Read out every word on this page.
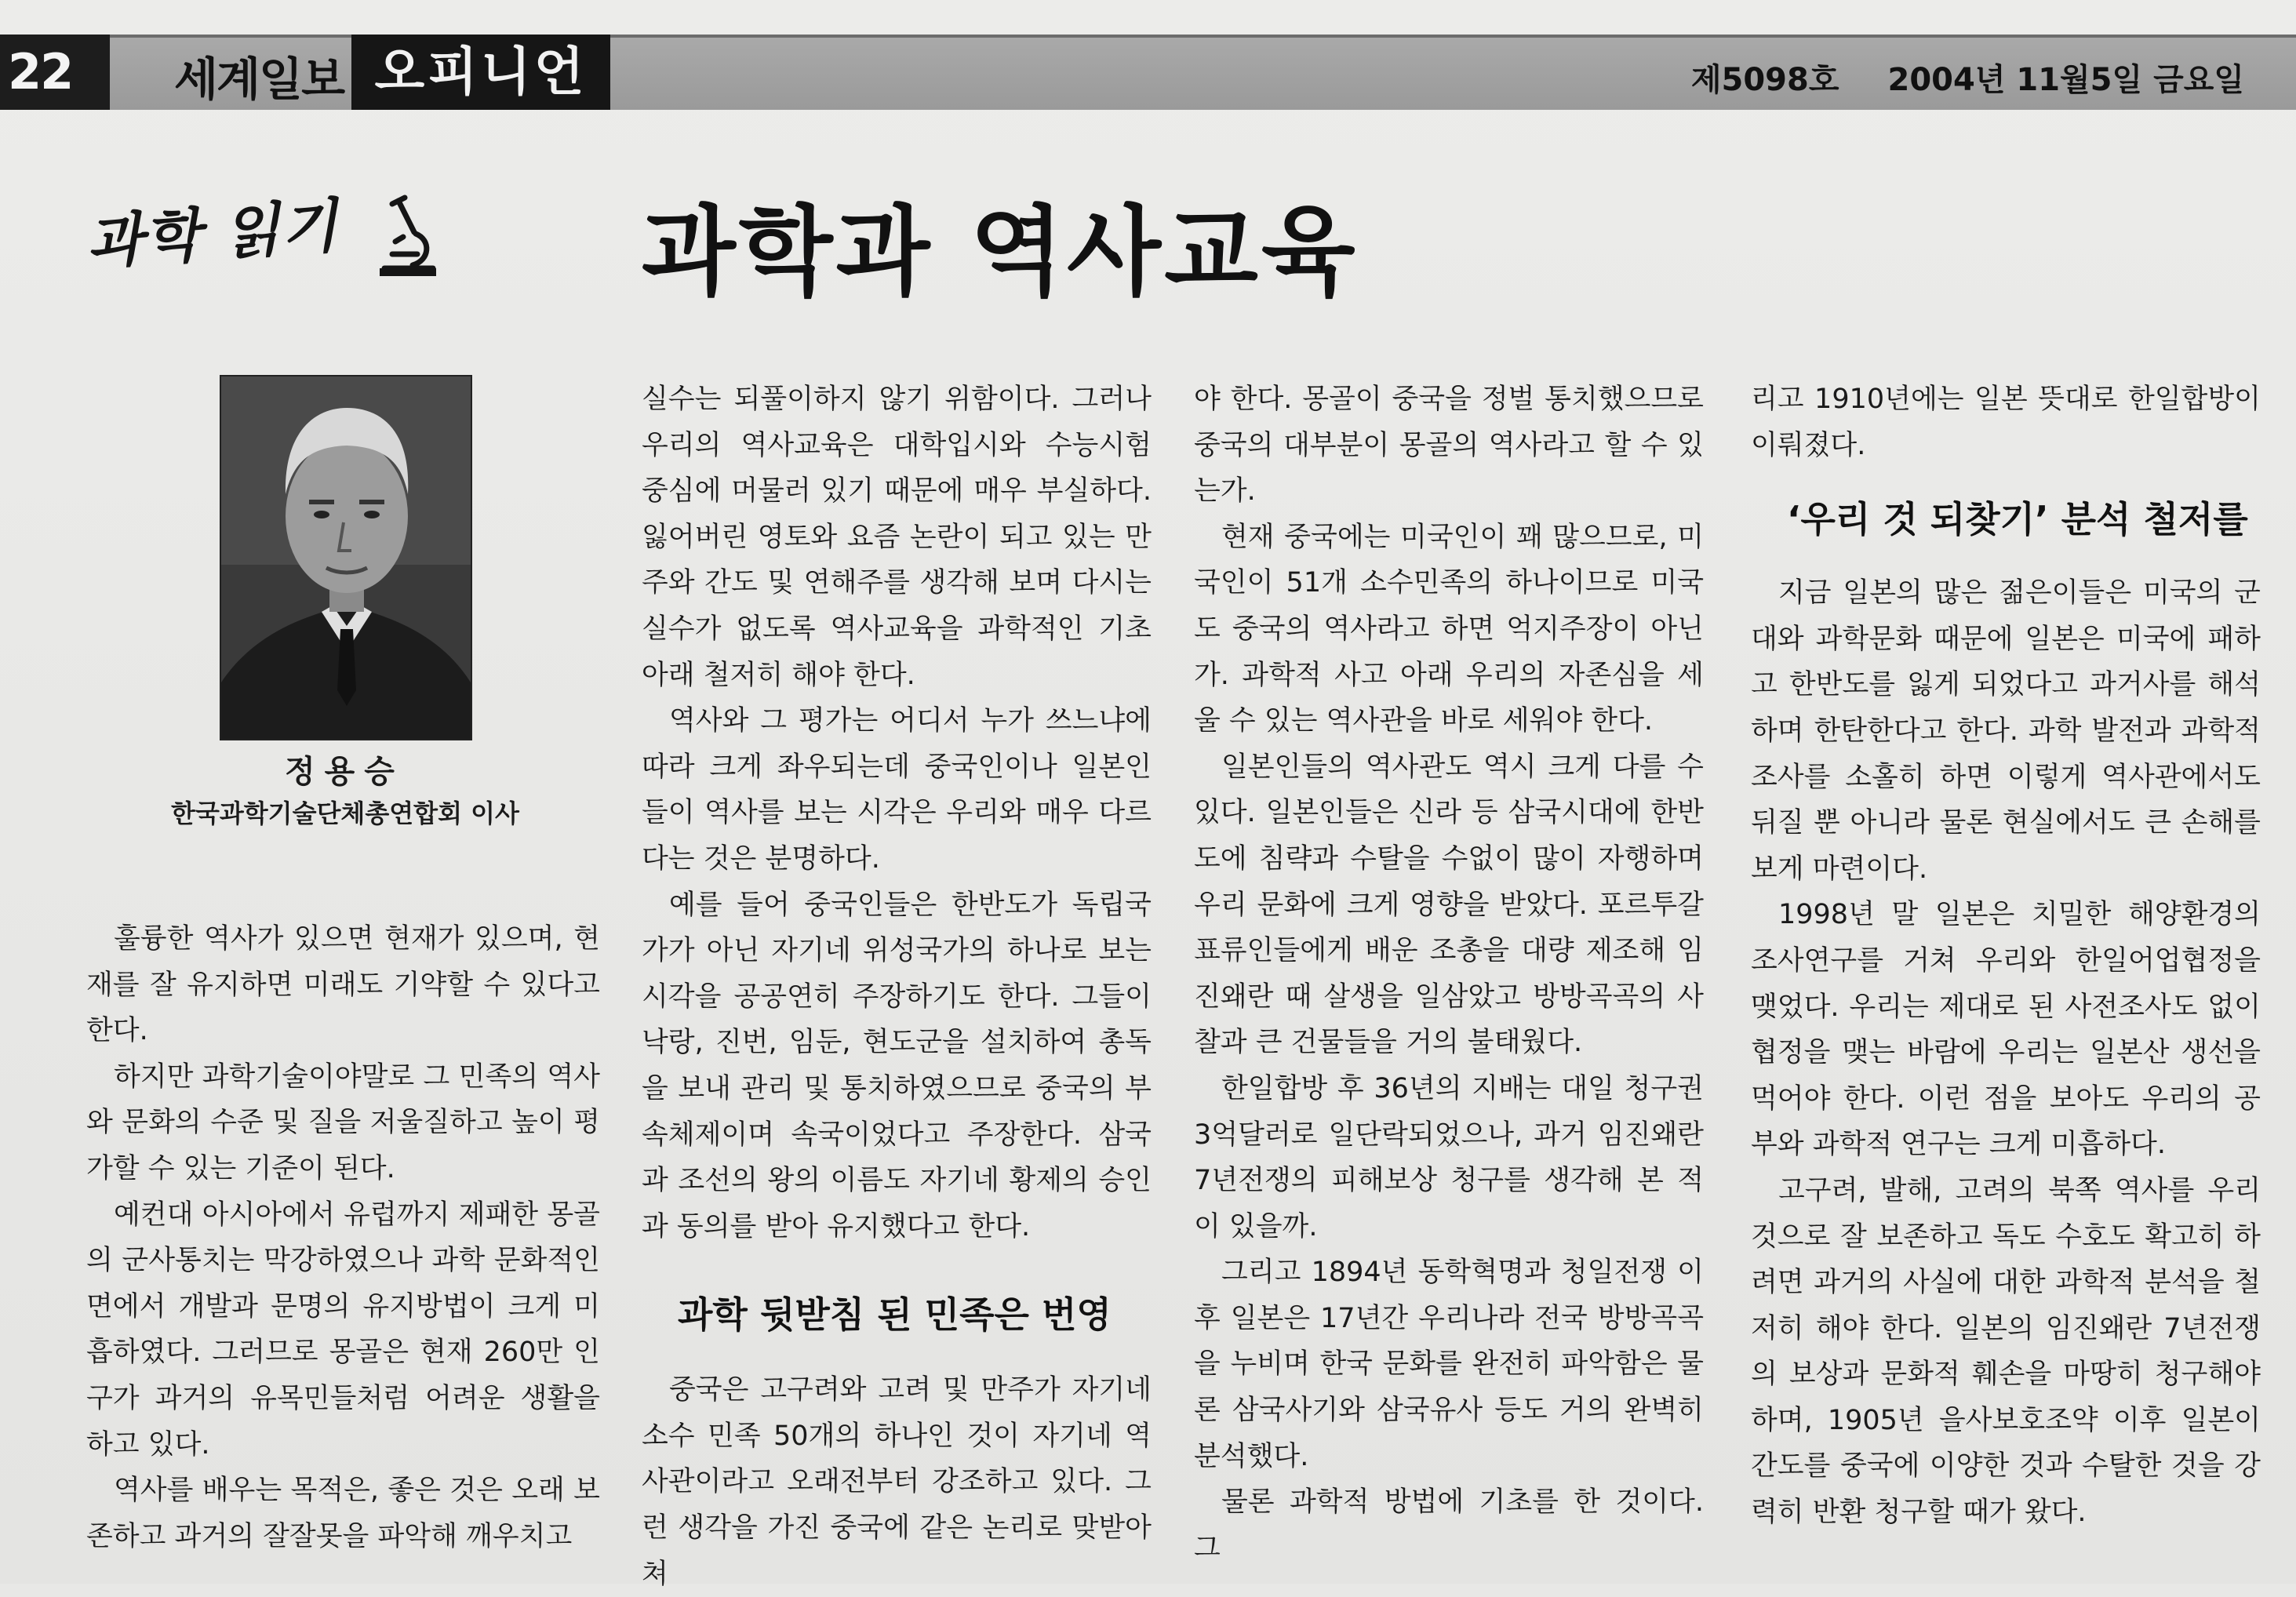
22	세계일보 오피니언	제5098호 2004년 11월5일 금요일
과학 읽기	과학과 역사교육
정용승
한국과학기술단체총연합회 이사

훌륭한 역사가 있으면 현재가 있으며, 현재를 잘 유지하면 미래도 기약할 수 있다고 한다.

하지만 과학기술이야말로 그 민족의 역사와 문화의 수준 및 질을 저울질하고 높이 평가할 수 있는 기준이 된다.

예컨대 아시아에서 유럽까지 제패한 몽골의 군사통치는 막강하였으나 과학 문화적인 면에서 개발과 문명의 유지방법이 크게 미흡하였다. 그러므로 몽골은 현재 260만 인구가 과거의 유목민들처럼 어려운 생활을 하고 있다.

역사를 배우는 목적은, 좋은 것은 오래 보존하고 과거의 잘잘못을 파악해 깨우치고

실수는 되풀이하지 않기 위함이다. 그러나 우리의 역사교육은 대학입시와 수능시험 중심에 머물러 있기 때문에 매우 부실하다. 잃어버린 영토와 요즘 논란이 되고 있는 만주와 간도 및 연해주를 생각해 보며 다시는 실수가 없도록 역사교육을 과학적인 기초 아래 철저히 해야 한다.

역사와 그 평가는 어디서 누가 쓰느냐에 따라 크게 좌우되는데 중국인이나 일본인들이 역사를 보는 시각은 우리와 매우 다르다는 것은 분명하다.

예를 들어 중국인들은 한반도가 독립국가가 아닌 자기네 위성국가의 하나로 보는 시각을 공공연히 주장하기도 한다. 그들이 낙랑, 진번, 임둔, 현도군을 설치하여 총독을 보내 관리 및 통치하였으므로 중국의 부속체제이며 속국이었다고 주장한다. 삼국과 조선의 왕의 이름도 자기네 황제의 승인과 동의를 받아 유지했다고 한다.

과학 뒷받침 된 민족은 번영

중국은 고구려와 고려 및 만주가 자기네 소수 민족 50개의 하나인 것이 자기네 역사관이라고 오래전부터 강조하고 있다. 그런 생각을 가진 중국에 같은 논리로 맞받아쳐

야 한다. 몽골이 중국을 정벌 통치했으므로 중국의 대부분이 몽골의 역사라고 할 수 있는가.

현재 중국에는 미국인이 꽤 많으므로, 미국인이 51개 소수민족의 하나이므로 미국도 중국의 역사라고 하면 억지주장이 아닌가. 과학적 사고 아래 우리의 자존심을 세울 수 있는 역사관을 바로 세워야 한다.

일본인들의 역사관도 역시 크게 다를 수 있다. 일본인들은 신라 등 삼국시대에 한반도에 침략과 수탈을 수없이 많이 자행하며 우리 문화에 크게 영향을 받았다. 포르투갈 표류인들에게 배운 조총을 대량 제조해 임진왜란 때 살생을 일삼았고 방방곡곡의 사찰과 큰 건물들을 거의 불태웠다.

한일합방 후 36년의 지배는 대일 청구권 3억달러로 일단락되었으나, 과거 임진왜란 7년전쟁의 피해보상 청구를 생각해 본 적이 있을까.

그리고 1894년 동학혁명과 청일전쟁 이후 일본은 17년간 우리나라 전국 방방곡곡을 누비며 한국 문화를 완전히 파악함은 물론 삼국사기와 삼국유사 등도 거의 완벽히 분석했다.

물론 과학적 방법에 기초를 한 것이다. 그

리고 1910년에는 일본 뜻대로 한일합방이 이뤄졌다.

‘우리 것 되찾기’ 분석 철저를

지금 일본의 많은 젊은이들은 미국의 군대와 과학문화 때문에 일본은 미국에 패하고 한반도를 잃게 되었다고 과거사를 해석하며 한탄한다고 한다. 과학 발전과 과학적 조사를 소홀히 하면 이렇게 역사관에서도 뒤질 뿐 아니라 물론 현실에서도 큰 손해를 보게 마련이다.

1998년 말 일본은 치밀한 해양환경의 조사연구를 거쳐 우리와 한일어업협정을 맺었다. 우리는 제대로 된 사전조사도 없이 협정을 맺는 바람에 우리는 일본산 생선을 먹어야 한다. 이런 점을 보아도 우리의 공부와 과학적 연구는 크게 미흡하다.

고구려, 발해, 고려의 북쪽 역사를 우리 것으로 잘 보존하고 독도 수호도 확고히 하려면 과거의 사실에 대한 과학적 분석을 철저히 해야 한다. 일본의 임진왜란 7년전쟁의 보상과 문화적 훼손을 마땅히 청구해야 하며, 1905년 을사보호조약 이후 일본이 간도를 중국에 이양한 것과 수탈한 것을 강력히 반환 청구할 때가 왔다.
